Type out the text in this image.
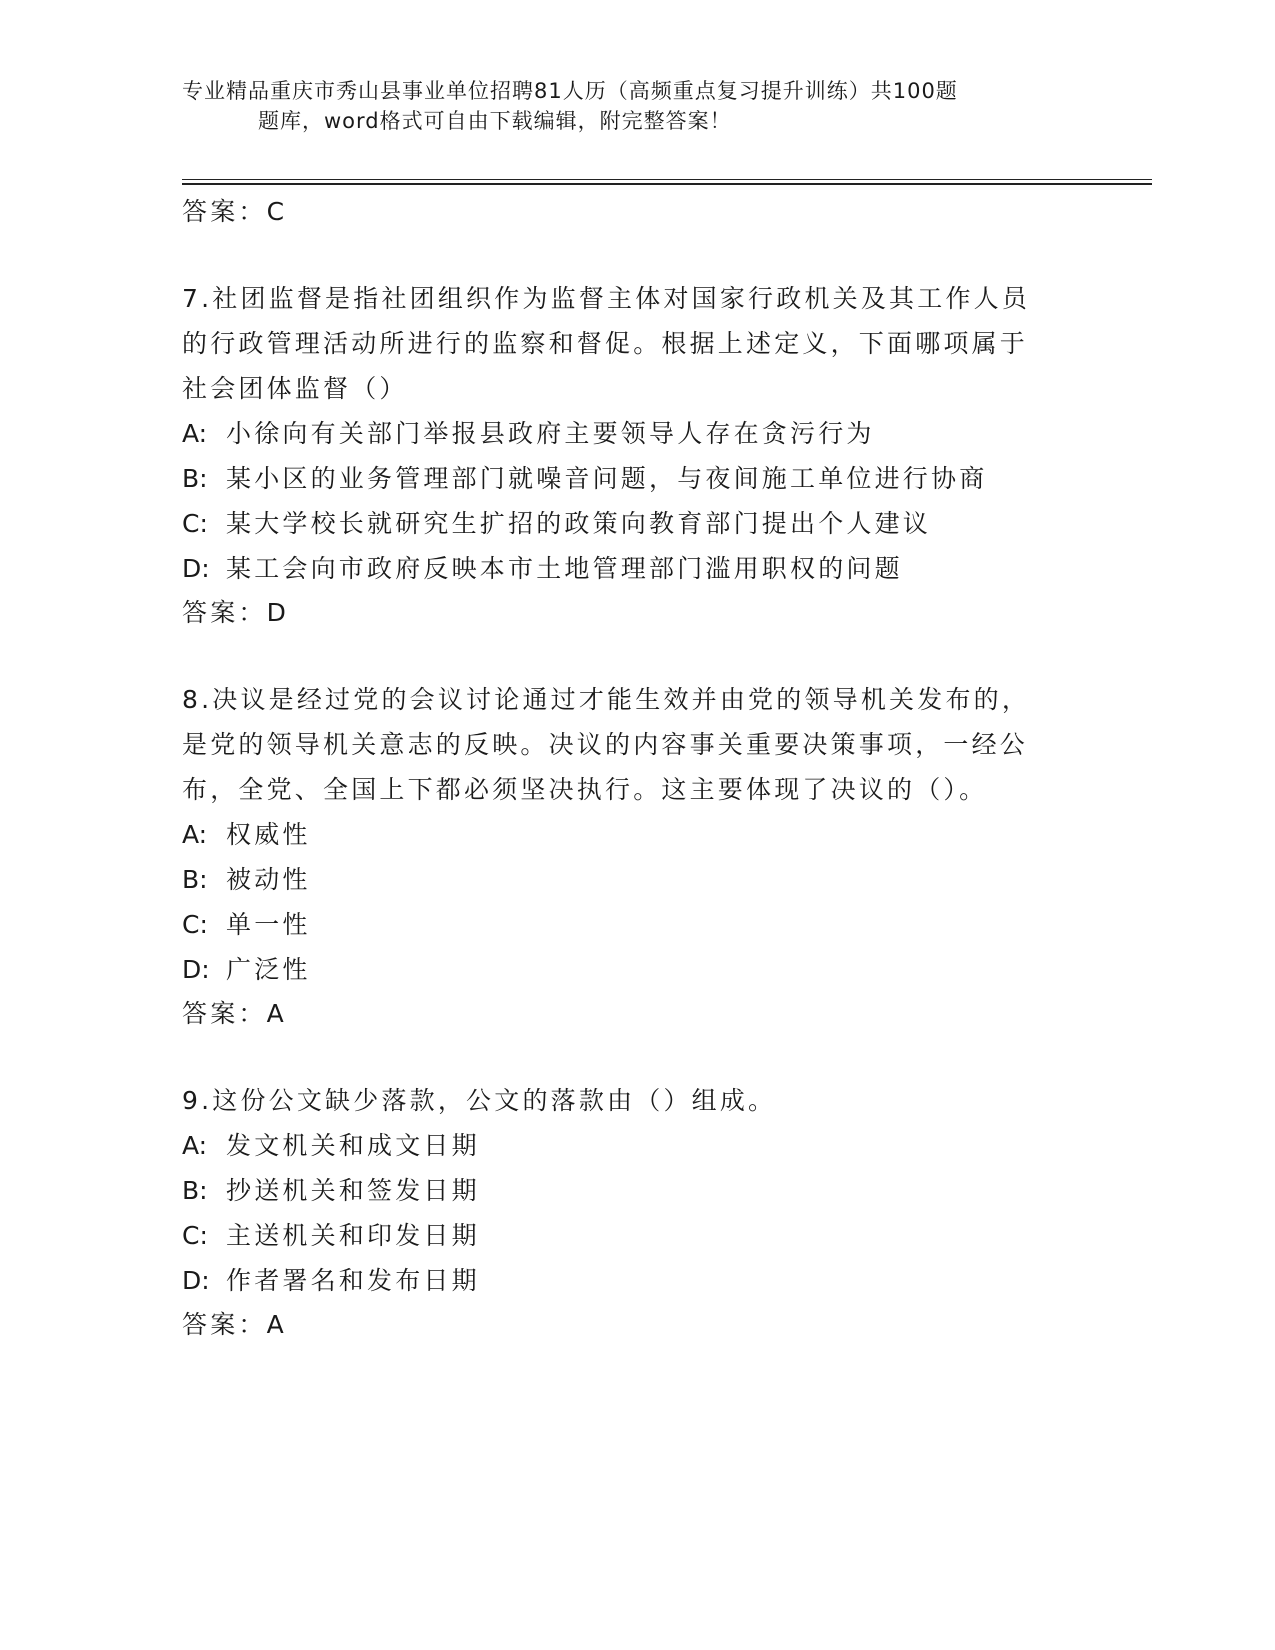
专业精品重庆市秀山县事业单位招聘81人历（高频重点复习提升训练）共100题
题库，word格式可自由下载编辑，附完整答案！
答案：C
7.社团监督是指社团组织作为监督主体对国家行政机关及其工作人员
的行政管理活动所进行的监察和督促。根据上述定义，下面哪项属于
社会团体监督（）
A: 小徐向有关部门举报县政府主要领导人存在贪污行为
B: 某小区的业务管理部门就噪音问题，与夜间施工单位进行协商
C: 某大学校长就研究生扩招的政策向教育部门提出个人建议
D: 某工会向市政府反映本市土地管理部门滥用职权的问题
答案：D
8.决议是经过党的会议讨论通过才能生效并由党的领导机关发布的，
是党的领导机关意志的反映。决议的内容事关重要决策事项，一经公
布，全党、全国上下都必须坚决执行。这主要体现了决议的（）。
A: 权威性
B: 被动性
C: 单一性
D: 广泛性
答案：A
9.这份公文缺少落款，公文的落款由（）组成。
A: 发文机关和成文日期
B: 抄送机关和签发日期
C: 主送机关和印发日期
D: 作者署名和发布日期
答案：A
